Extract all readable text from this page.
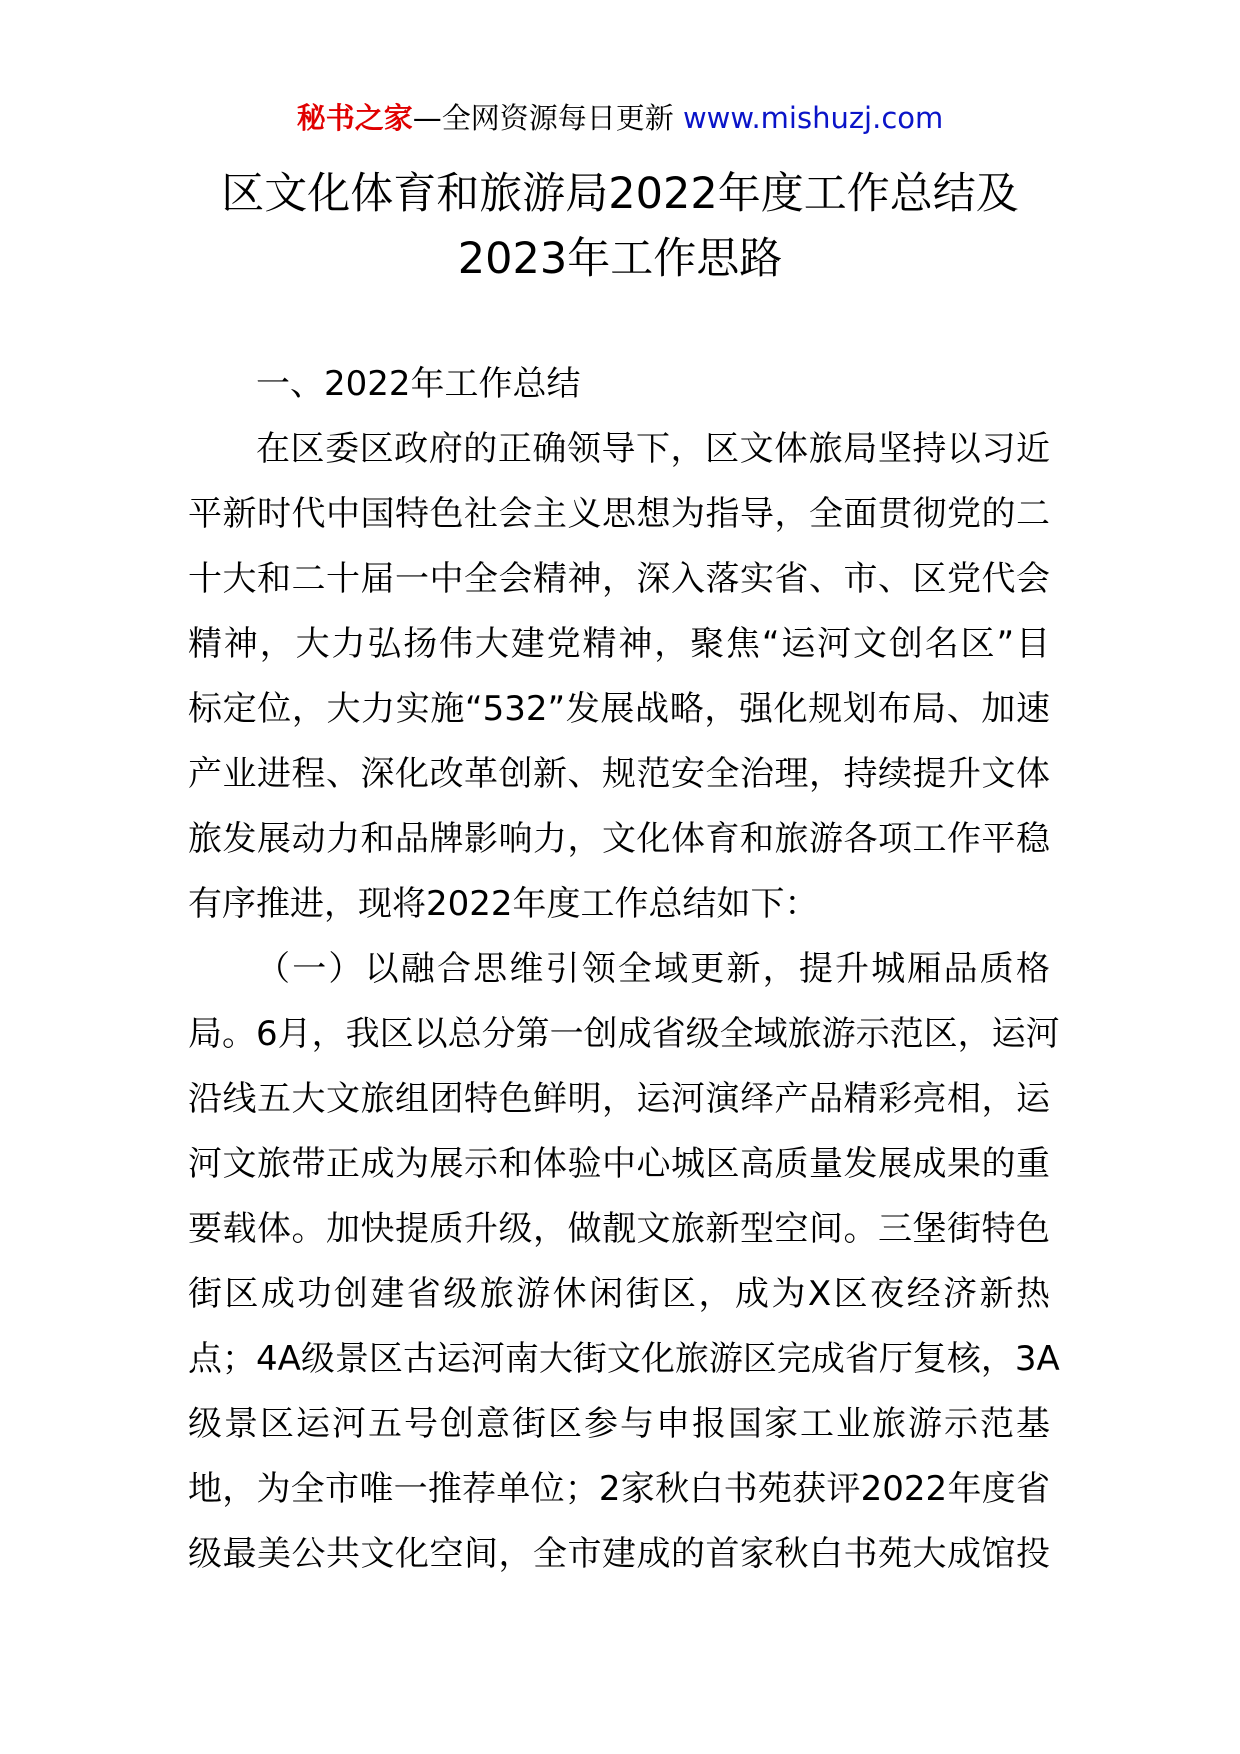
秘书之家—全网资源每日更新 www.mishuzj.com
区文化体育和旅游局2022年度工作总结及
2023年工作思路
一、2022年工作总结
在区委区政府的正确领导下，区文体旅局坚持以习近
平新时代中国特色社会主义思想为指导，全面贯彻党的二
十大和二十届一中全会精神，深入落实省、市、区党代会
精神，大力弘扬伟大建党精神，聚焦“运河文创名区”目
标定位，大力实施“532”发展战略，强化规划布局、加速
产业进程、深化改革创新、规范安全治理，持续提升文体
旅发展动力和品牌影响力，文化体育和旅游各项工作平稳
有序推进，现将2022年度工作总结如下：
（一）以融合思维引领全域更新，提升城厢品质格
局。6月，我区以总分第一创成省级全域旅游示范区，运河
沿线五大文旅组团特色鲜明，运河演绎产品精彩亮相，运
河文旅带正成为展示和体验中心城区高质量发展成果的重
要载体。加快提质升级，做靓文旅新型空间。三堡街特色
街区成功创建省级旅游休闲街区，成为X区夜经济新热
点；4A级景区古运河南大街文化旅游区完成省厅复核，3A
级景区运河五号创意街区参与申报国家工业旅游示范基
地，为全市唯一推荐单位；2家秋白书苑获评2022年度省
级最美公共文化空间，全市建成的首家秋白书苑大成馆投
